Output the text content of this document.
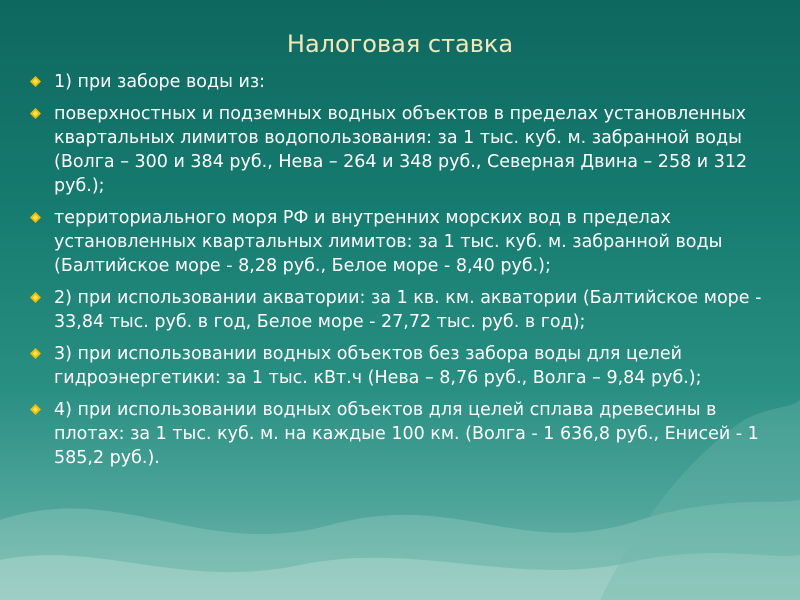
Налоговая ставка
1) при заборе воды из:
поверхностных и подземных водных объектов в пределах установленных квартальных лимитов водопользования: за 1 тыс. куб. м. забранной воды (Волга – 300 и 384 руб., Нева – 264 и 348 руб., Северная Двина – 258 и 312 руб.);
территориального моря РФ и внутренних морских вод в пределах установленных квартальных лимитов: за 1 тыс. куб. м. забранной воды (Балтийское море - 8,28 руб., Белое море - 8,40 руб.);
2) при использовании акватории: за 1 кв. км. акватории (Балтийское море - 33,84 тыс. руб. в год, Белое море - 27,72 тыс. руб. в год);
3) при использовании водных объектов без забора воды для целей гидроэнергетики: за 1 тыс. кВт.ч (Нева – 8,76 руб., Волга – 9,84 руб.);
4) при использовании водных объектов для целей сплава древесины в плотах: за 1 тыс. куб. м. на каждые 100 км. (Волга - 1 636,8 руб., Енисей - 1 585,2 руб.).
